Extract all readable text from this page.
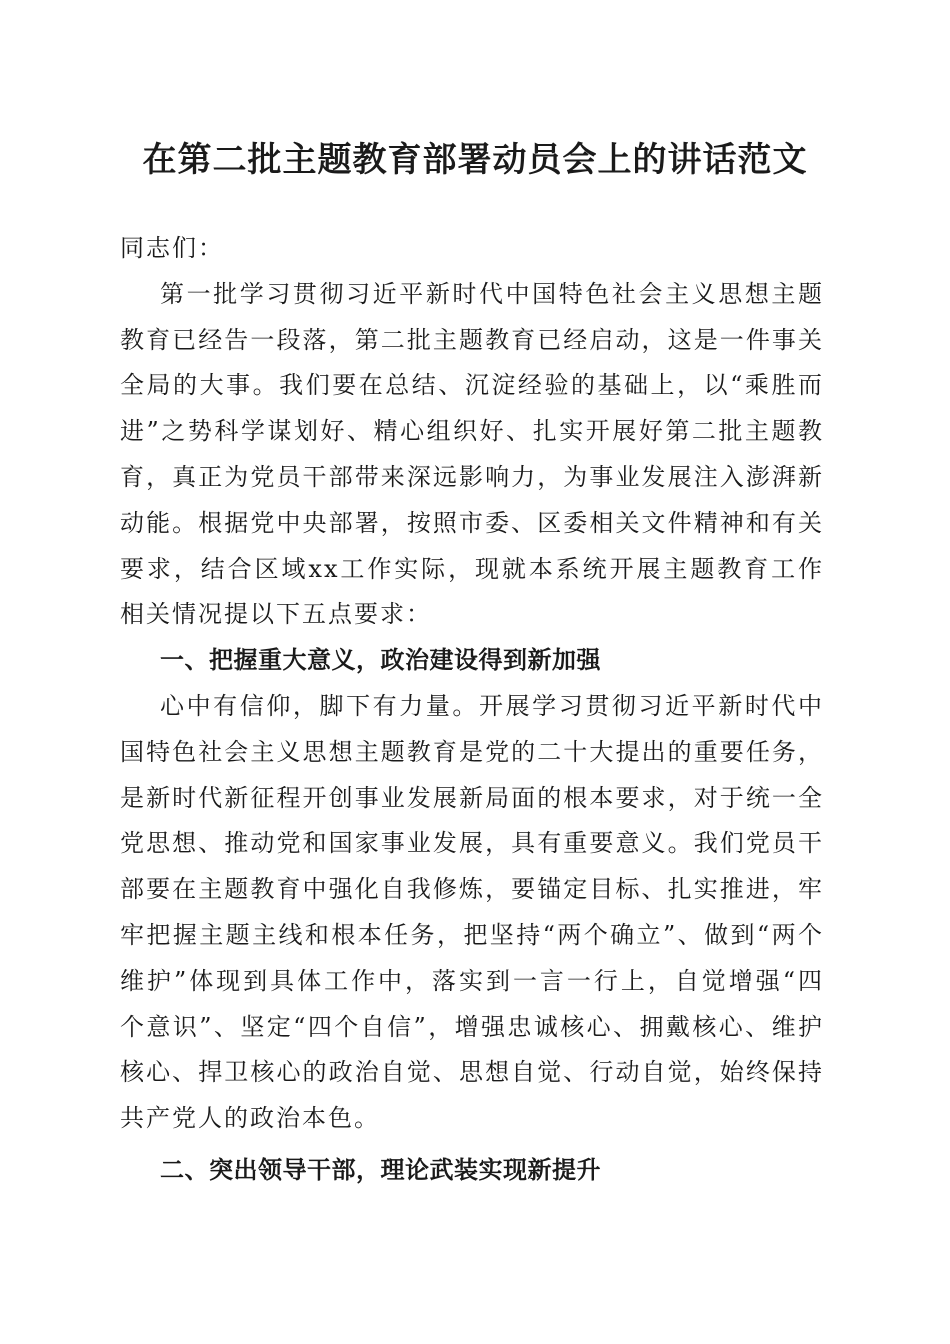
在第二批主题教育部署动员会上的讲话范文

同志们：

第一批学习贯彻习近平新时代中国特色社会主义思想主题教育已经告一段落，第二批主题教育已经启动，这是一件事关全局的大事。我们要在总结、沉淀经验的基础上，以“乘胜而进”之势科学谋划好、精心组织好、扎实开展好第二批主题教育，真正为党员干部带来深远影响力，为事业发展注入澎湃新动能。根据党中央部署，按照市委、区委相关文件精神和有关要求，结合区域xx工作实际，现就本系统开展主题教育工作相关情况提以下五点要求：

一、把握重大意义，政治建设得到新加强

心中有信仰，脚下有力量。开展学习贯彻习近平新时代中国特色社会主义思想主题教育是党的二十大提出的重要任务，是新时代新征程开创事业发展新局面的根本要求，对于统一全党思想、推动党和国家事业发展，具有重要意义。我们党员干部要在主题教育中强化自我修炼，要锚定目标、扎实推进，牢牢把握主题主线和根本任务，把坚持“两个确立”、做到“两个维护”体现到具体工作中，落实到一言一行上，自觉增强“四个意识”、坚定“四个自信”，增强忠诚核心、拥戴核心、维护核心、捍卫核心的政治自觉、思想自觉、行动自觉，始终保持共产党人的政治本色。

二、突出领导干部，理论武装实现新提升
